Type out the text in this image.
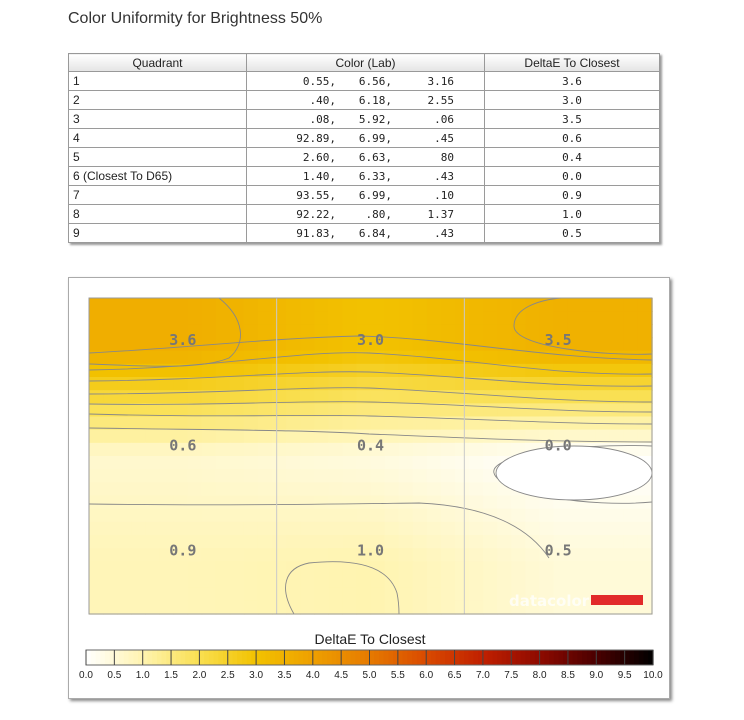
Color Uniformity for Brightness 50%
Quadrant	Color (Lab)	DeltaE To Closest
1	0.55, 6.56, 3.16	3.6
2	.40, 6.18, 2.55	3.0
3	.08, 5.92, .06	3.5
4	92.89, 6.99, .45	0.6
5	2.60, 6.63, 80	0.4
6 (Closest To D65)	1.40, 6.33, .43	0.0
7	93.55, 6.99, .10	0.9
8	92.22, .80, 1.37	1.0
9	91.83, 6.84, .43	0.5
3.6	3.0	3.5
0.6	0.4	0.0
0.9	1.0	0.5
datacolor
DeltaE To Closest
0.0 0.5 1.0 1.5 2.0 2.5 3.0 3.5 4.0 4.5 5.0 5.5 6.0 6.5 7.0 7.5 8.0 8.5 9.0 9.5 10.0
